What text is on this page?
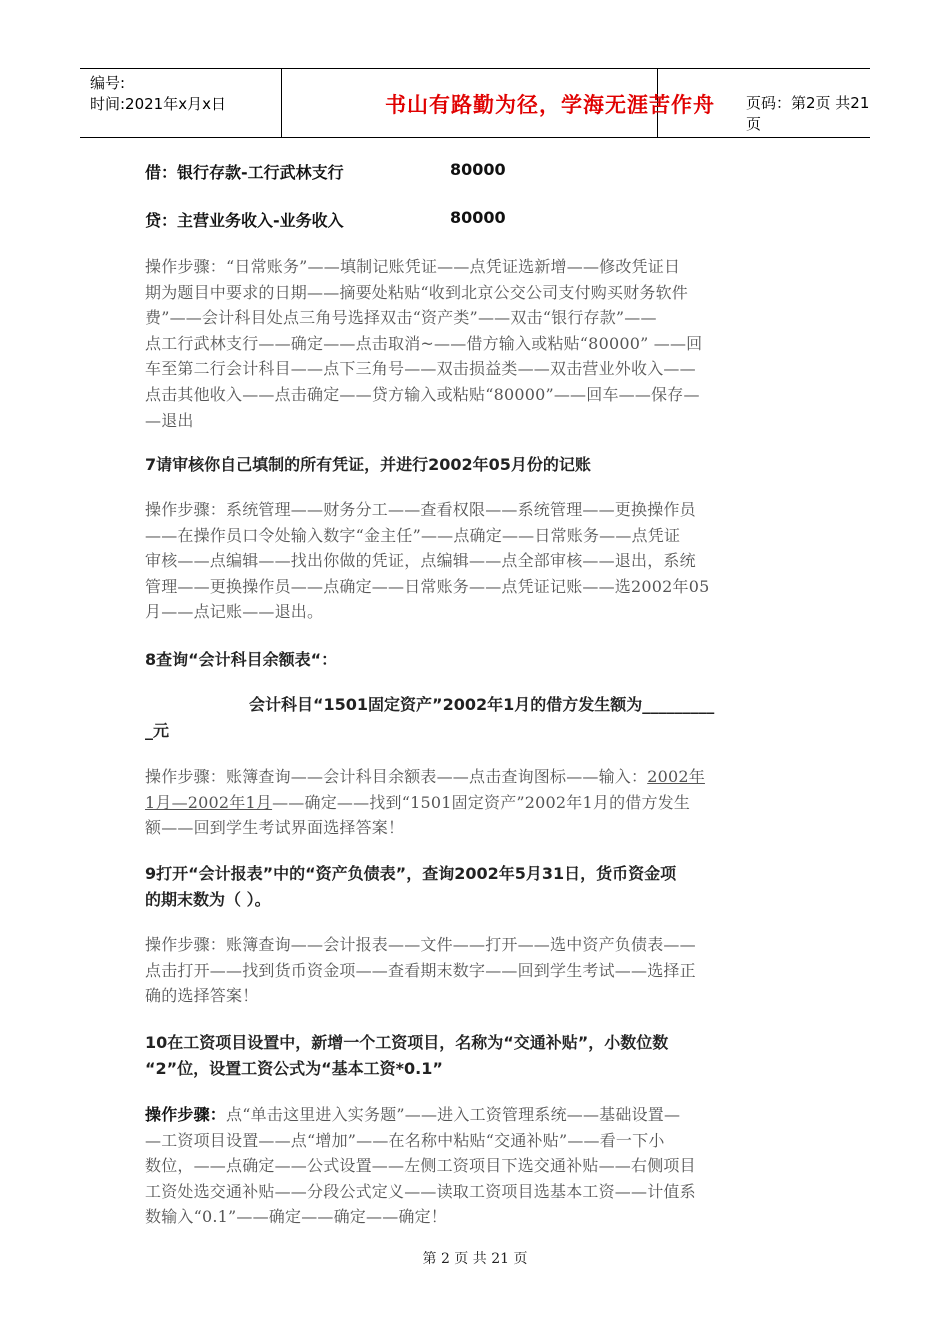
编号:
时间:2021年x月x日	书山有路勤为径，学海无涯苦作舟	页码：第2页 共21页
借：银行存款-工行武林支行	80000
贷：主营业务收入-业务收入	80000
操作步骤：“日常账务”——填制记账凭证——点凭证选新增——修改凭证日
期为题目中要求的日期——摘要处粘贴“收到北京公交公司支付购买财务软件
费”——会计科目处点三角号选择双击“资产类”——双击“银行存款”——
点工行武林支行——确定——点击取消~——借方输入或粘贴“80000” ——回
车至第二行会计科目——点下三角号——双击损益类——双击营业外收入——
点击其他收入——点击确定——贷方输入或粘贴“80000”——回车——保存—
—退出
7请审核你自己填制的所有凭证，并进行2002年05月份的记账
操作步骤：系统管理——财务分工——查看权限——系统管理——更换操作员
——在操作员口令处输入数字“金主任”——点确定——日常账务——点凭证
审核——点编辑——找出你做的凭证，点编辑——点全部审核——退出，系统
管理——更换操作员——点确定——日常账务——点凭证记账——选2002年05
月——点记账——退出。
8查询“会计科目余额表“：
会计科目“1501固定资产”2002年1月的借方发生额为_________
_元
操作步骤：账簿查询——会计科目余额表——点击查询图标——输入：2002年
1月—2002年1月——确定——找到“1501固定资产”2002年1月的借方发生
额——回到学生考试界面选择答案！
9打开“会计报表”中的“资产负债表”，查询2002年5月31日，货币资金项
的期末数为（ ）。
操作步骤：账簿查询——会计报表——文件——打开——选中资产负债表——
点击打开——找到货币资金项——查看期末数字——回到学生考试——选择正
确的选择答案！
10在工资项目设置中，新增一个工资项目，名称为“交通补贴”，小数位数
“2”位，设置工资公式为“基本工资*0.1”
操作步骤：点“单击这里进入实务题”——进入工资管理系统——基础设置—
—工资项目设置——点“增加”——在名称中粘贴“交通补贴”——看一下小
数位，——点确定——公式设置——左侧工资项目下选交通补贴——右侧项目
工资处选交通补贴——分段公式定义——读取工资项目选基本工资——计值系
数输入“0.1”——确定——确定——确定！
第 2 页 共 21 页
